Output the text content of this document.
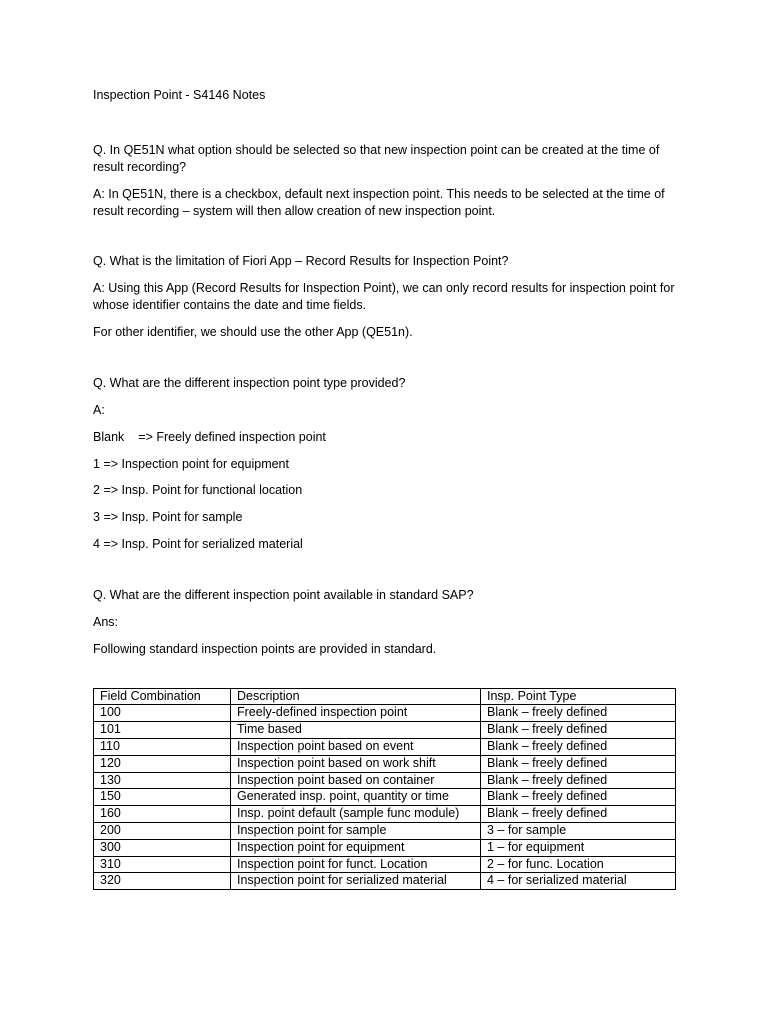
Inspection Point - S4146 Notes

Q. In QE51N what option should be selected so that new inspection point can be created at the time of result recording?

A: In QE51N, there is a checkbox, default next inspection point. This needs to be selected at the time of result recording – system will then allow creation of new inspection point.

Q. What is the limitation of Fiori App – Record Results for Inspection Point?

A: Using this App (Record Results for Inspection Point), we can only record results for inspection point for whose identifier contains the date and time fields.

For other identifier, we should use the other App (QE51n).

Q. What are the different inspection point type provided?

A:

Blank => Freely defined inspection point
1 => Inspection point for equipment
2 => Insp. Point for functional location
3 => Insp. Point for sample
4 => Insp. Point for serialized material

Q. What are the different inspection point available in standard SAP?

Ans:

Following standard inspection points are provided in standard.

Field Combination	Description	Insp. Point Type
100	Freely-defined inspection point	Blank – freely defined
101	Time based	Blank – freely defined
110	Inspection point based on event	Blank – freely defined
120	Inspection point based on work shift	Blank – freely defined
130	Inspection point based on container	Blank – freely defined
150	Generated insp. point, quantity or time	Blank – freely defined
160	Insp. point default (sample func module)	Blank – freely defined
200	Inspection point for sample	3 – for sample
300	Inspection point for equipment	1 – for equipment
310	Inspection point for funct. Location	2 – for func. Location
320	Inspection point for serialized material	4 – for serialized material
